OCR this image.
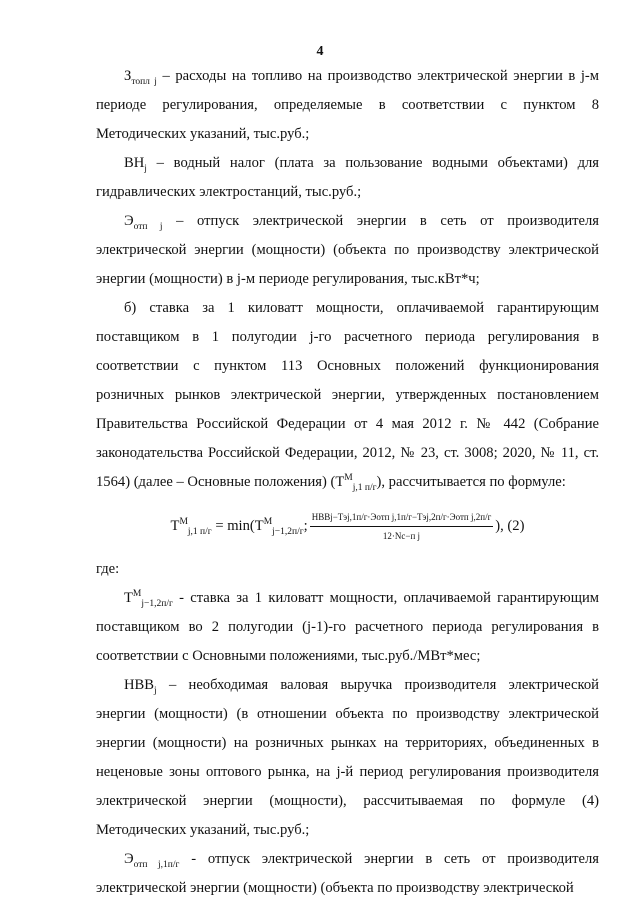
4

$З_{топл j}$ – расходы на топливо на производство электрической энергии в j-м периоде регулирования, определяемые в соответствии с пунктом 8 Методических указаний, тыс.руб.;

$ВН_j$ – водный налог (плата за пользование водными объектами) для гидравлических электростанций, тыс.руб.;

$Э_{отп j}$ – отпуск электрической энергии в сеть от производителя электрической энергии (мощности) (объекта по производству электрической энергии (мощности) в j-м периоде регулирования, тыс.кВт*ч;

б) ставка за 1 киловатт мощности, оплачиваемой гарантирующим поставщиком в 1 полугодии j-го расчетного периода регулирования в соответствии с пунктом 113 Основных положений функционирования розничных рынков электрической энергии, утвержденных постановлением Правительства Российской Федерации от 4 мая 2012 г. № 442 (Собрание законодательства Российской Федерации, 2012, № 23, ст. 3008; 2020, № 11, ст. 1564) (далее – Основные положения) $(Т^М_{j,1 п/г})$, рассчитывается по формуле:

$Т^М_{j,1 п/г} = \min(Т^М_{j-1,2п/г}$; $\frac{\text{НВВj−Тэj,1п/г·Эотп j,1п/г−Тэj,2п/г·Эотп j,2п/г}}{\text{12·Nс−п j}}$ ), (2)

где:

$Т^М_{j-1,2п/г}$ - ставка за 1 киловатт мощности, оплачиваемой гарантирующим поставщиком во 2 полугодии (j-1)-го расчетного периода регулирования в соответствии с Основными положениями, тыс.руб./МВт*мес;

$НВВ_j$ – необходимая валовая выручка производителя электрической энергии (мощности) (в отношении объекта по производству электрической энергии (мощности) на розничных рынках на территориях, объединенных в неценовые зоны оптового рынка, на j-й период регулирования производителя электрической энергии (мощности), рассчитываемая по формуле (4) Методических указаний, тыс.руб.;

$Э_{отп j,1п/г}$ - отпуск электрической энергии в сеть от производителя электрической энергии (мощности) (объекта по производству электрической
